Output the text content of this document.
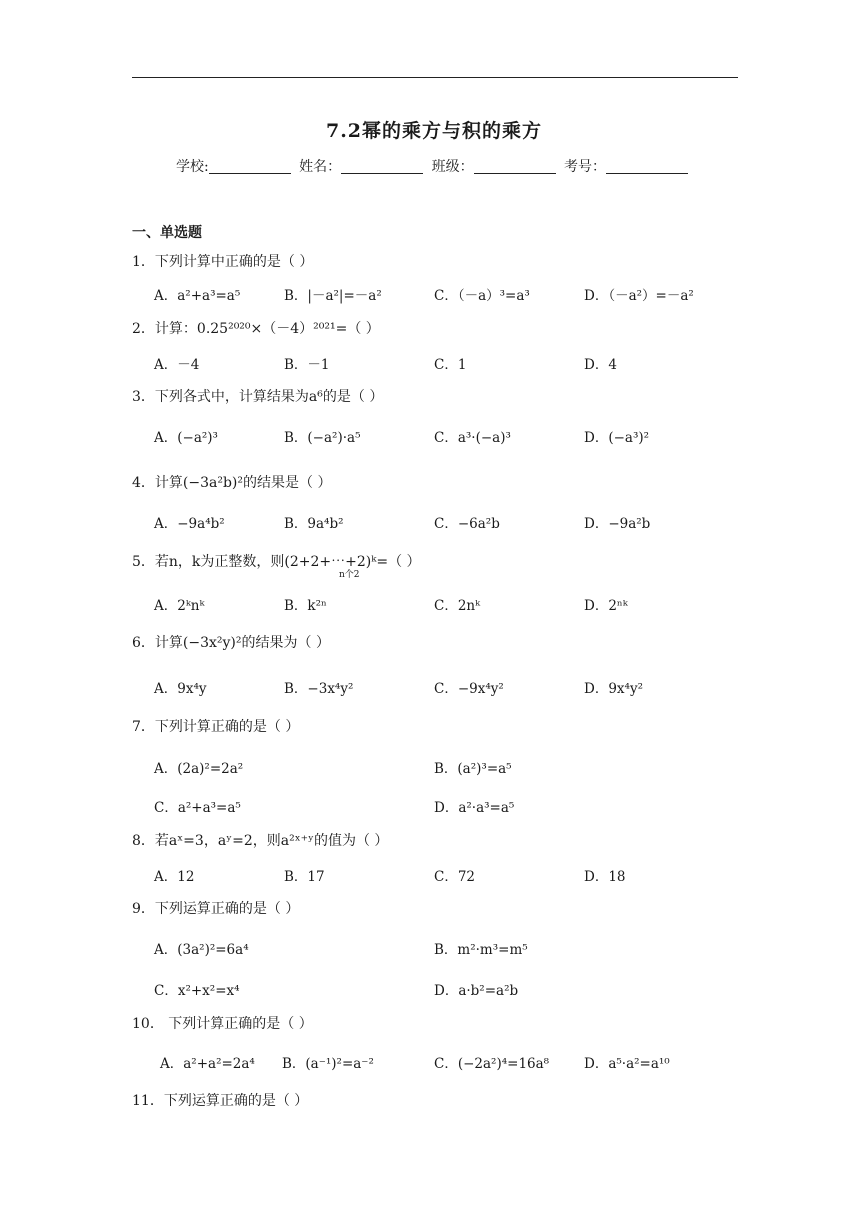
7.2幂的乘方与积的乘方
学校:	姓名：	班级：	考号：
一、单选题
1．下列计算中正确的是（ ）
A．a²+a³=a⁵	B．|－a²|=－a²	C．（－a）³=a³	D．（－a²）=－a²
2．计算：0.25²⁰²⁰×（－4）²⁰²¹=（ ）
A．－4	B．－1	C．1	D．4
3．下列各式中，计算结果为a⁶的是（ ）
A．(−a²)³	B．(−a²)·a⁵	C．a³·(−a)³	D．(−a³)²
4．计算(−3a²b)²的结果是（ ）
A．−9a⁴b²	B．9a⁴b²	C．−6a²b	D．−9a²b
5．若n，k为正整数，则(2+2+⋯+2)ᵏ=（ ）
n个2
A．2ᵏnᵏ	B．k²ⁿ	C．2nᵏ	D．2ⁿᵏ
6．计算(−3x²y)²的结果为（ ）
A．9x⁴y	B．−3x⁴y²	C．−9x⁴y²	D．9x⁴y²
7．下列计算正确的是（ ）
A．(2a)²=2a²	B．(a²)³=a⁵
C．a²+a³=a⁵	D．a²·a³=a⁵
8．若aˣ=3，aʸ=2，则a²ˣ⁺ʸ的值为（ ）
A．12	B．17	C．72	D．18
9．下列运算正确的是（ ）
A．(3a²)²=6a⁴	B．m²·m³=m⁵
C．x²+x²=x⁴	D．a·b²=a²b
10． 下列计算正确的是（ ）
A．a²+a²=2a⁴ B．(a⁻¹)²=a⁻²	C．(−2a²)⁴=16a⁸	D．a⁵·a²=a¹⁰
11．下列运算正确的是（ ）
